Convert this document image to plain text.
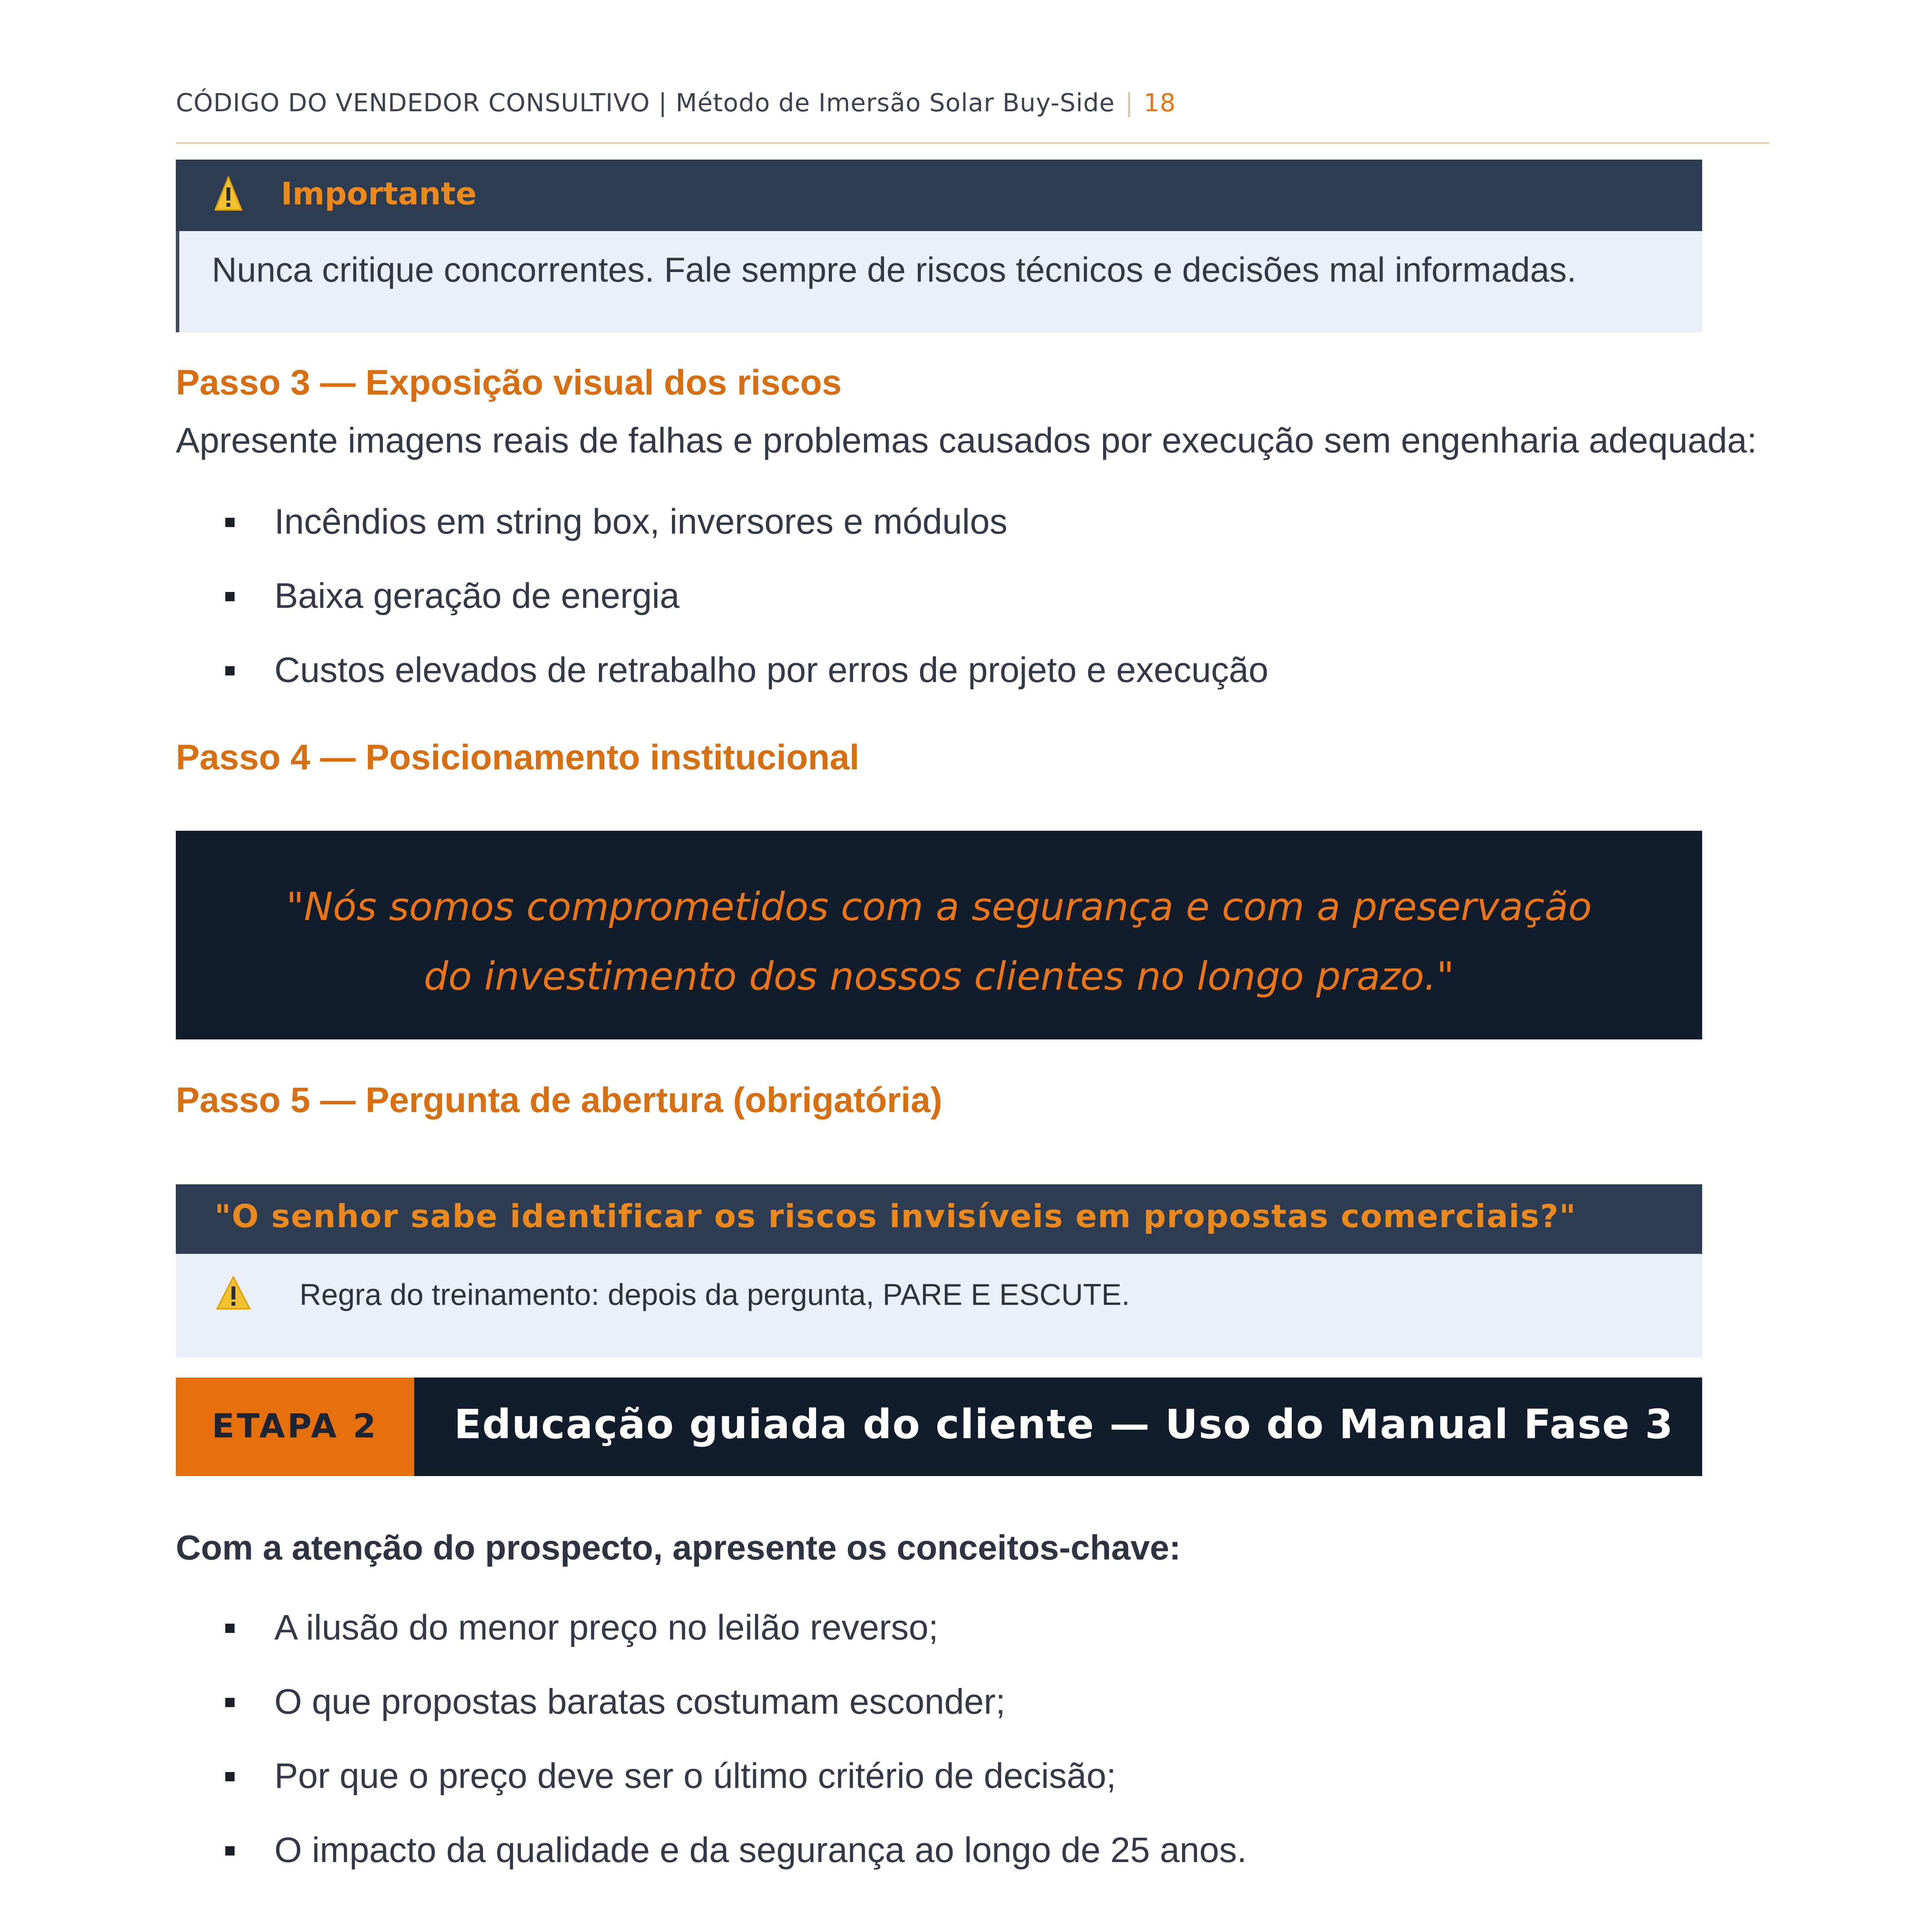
CÓDIGO DO VENDEDOR CONSULTIVO | Método de Imersão Solar Buy-Side | 18
Importante
Nunca critique concorrentes. Fale sempre de riscos técnicos e decisões mal informadas.
Passo 3 — Exposição visual dos riscos
Apresente imagens reais de falhas e problemas causados por execução sem engenharia adequada:
Incêndios em string box, inversores e módulos
Baixa geração de energia
Custos elevados de retrabalho por erros de projeto e execução
Passo 4 — Posicionamento institucional
"Nós somos comprometidos com a segurança e com a preservação
do investimento dos nossos clientes no longo prazo."
Passo 5 — Pergunta de abertura (obrigatória)
"O senhor sabe identificar os riscos invisíveis em propostas comerciais?"
Regra do treinamento: depois da pergunta, PARE E ESCUTE.
ETAPA 2	Educação guiada do cliente — Uso do Manual Fase 3
Com a atenção do prospecto, apresente os conceitos-chave:
A ilusão do menor preço no leilão reverso;
O que propostas baratas costumam esconder;
Por que o preço deve ser o último critério de decisão;
O impacto da qualidade e da segurança ao longo de 25 anos.
